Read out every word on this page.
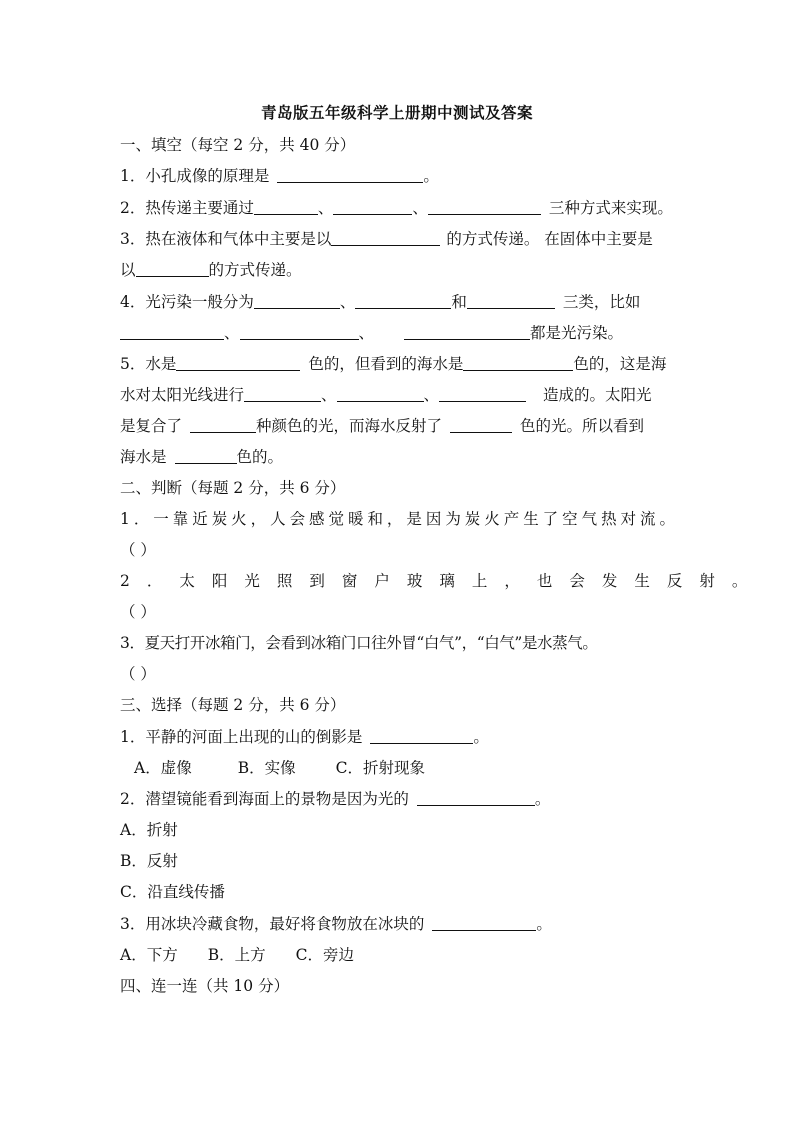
青岛版五年级科学上册期中测试及答案
一、填空（每空 2 分，共 40 分）
1．小孔成像的原理是	。
2．热传递主要通过	、	、	三种方式来实现。
3．热在液体和气体中主要是以	的方式传递。 在固体中主要是
以	的方式传递。
4．光污染一般分为	、	和	三类，比如
、	、	都是光污染。
5．水是	色的，但看到的海水是	色的，这是海
水对太阳光线进行	、	、	造成的。太阳光
是复合了	种颜色的光，而海水反射了	色的光。所以看到
海水是	色的。
二、判断（每题 2 分，共 6 分）
1．一靠近炭火，人会感觉暖和，是因为炭火产生了空气热对流。
（ ）
2．太阳光照到窗户玻璃上，也会发生反射。
（ ）
3．夏天打开冰箱门，会看到冰箱门口往外冒“白气”，“白气”是水蒸气。
（ ）
三、选择（每题 2 分，共 6 分）
1．平静的河面上出现的山的倒影是	。
A．虚像	B．实像	C．折射现象
2．潜望镜能看到海面上的景物是因为光的	。
A．折射
B．反射
C．沿直线传播
3．用冰块冷藏食物，最好将食物放在冰块的	。
A．下方 B．上方 C．旁边
四、连一连（共 10 分）
